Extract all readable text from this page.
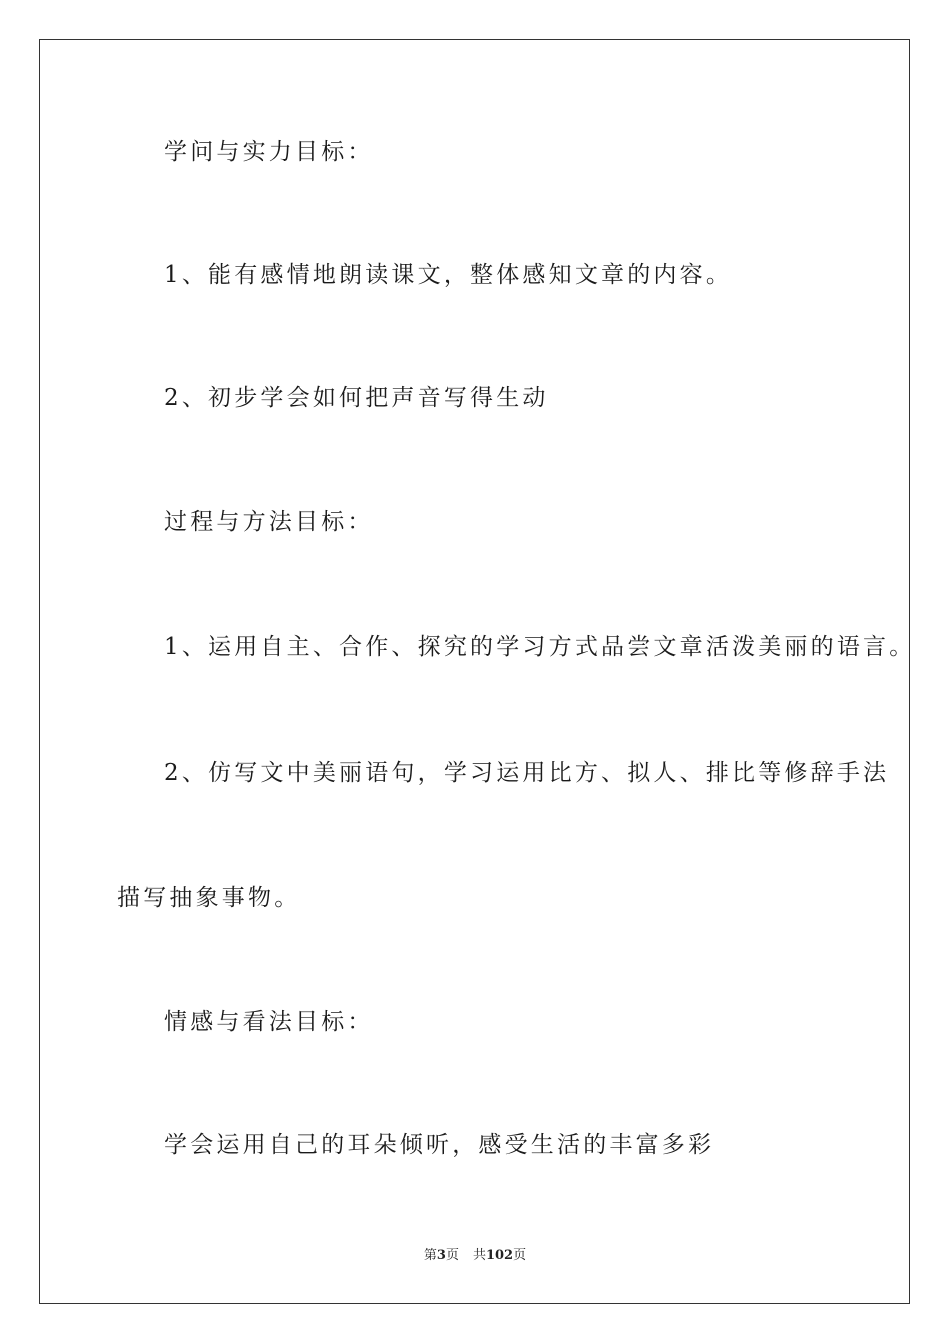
学问与实力目标：
1、能有感情地朗读课文，整体感知文章的内容。
2、初步学会如何把声音写得生动
过程与方法目标：
1、运用自主、合作、探究的学习方式品尝文章活泼美丽的语言。
2、仿写文中美丽语句，学习运用比方、拟人、排比等修辞手法
描写抽象事物。
情感与看法目标：
学会运用自己的耳朵倾听，感受生活的丰富多彩
第3页 共102页
